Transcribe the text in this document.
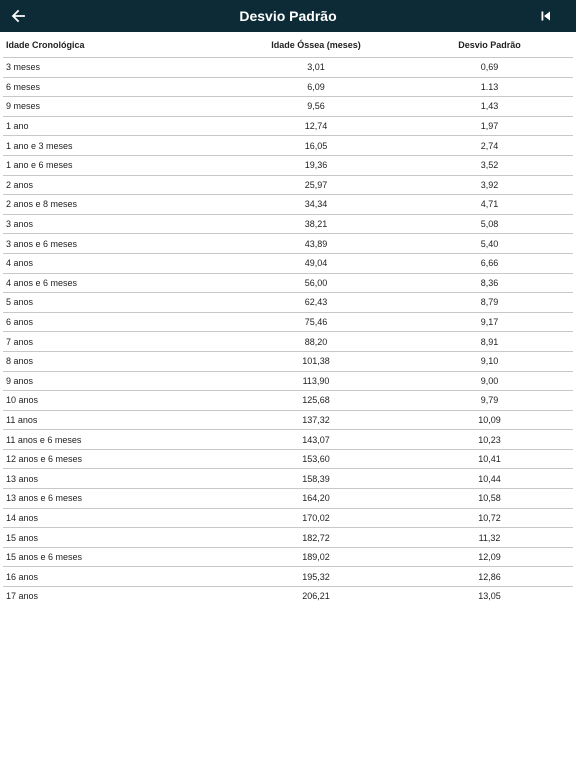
Desvio Padrão
Idade Cronológica	Idade Óssea (meses)	Desvio Padrão
3 meses	3,01	0,69
6 meses	6,09	1.13
9 meses	9,56	1,43
1 ano	12,74	1,97
1 ano e 3 meses	16,05	2,74
1 ano e 6 meses	19,36	3,52
2 anos	25,97	3,92
2 anos e 8 meses	34,34	4,71
3 anos	38,21	5,08
3 anos e 6 meses	43,89	5,40
4 anos	49,04	6,66
4 anos e 6 meses	56,00	8,36
5 anos	62,43	8,79
6 anos	75,46	9,17
7 anos	88,20	8,91
8 anos	101,38	9,10
9 anos	113,90	9,00
10 anos	125,68	9,79
11 anos	137,32	10,09
11 anos e 6 meses	143,07	10,23
12 anos e 6 meses	153,60	10,41
13 anos	158,39	10,44
13 anos e 6 meses	164,20	10,58
14 anos	170,02	10,72
15 anos	182,72	11,32
15 anos e 6 meses	189,02	12,09
16 anos	195,32	12,86
17 anos	206,21	13,05
